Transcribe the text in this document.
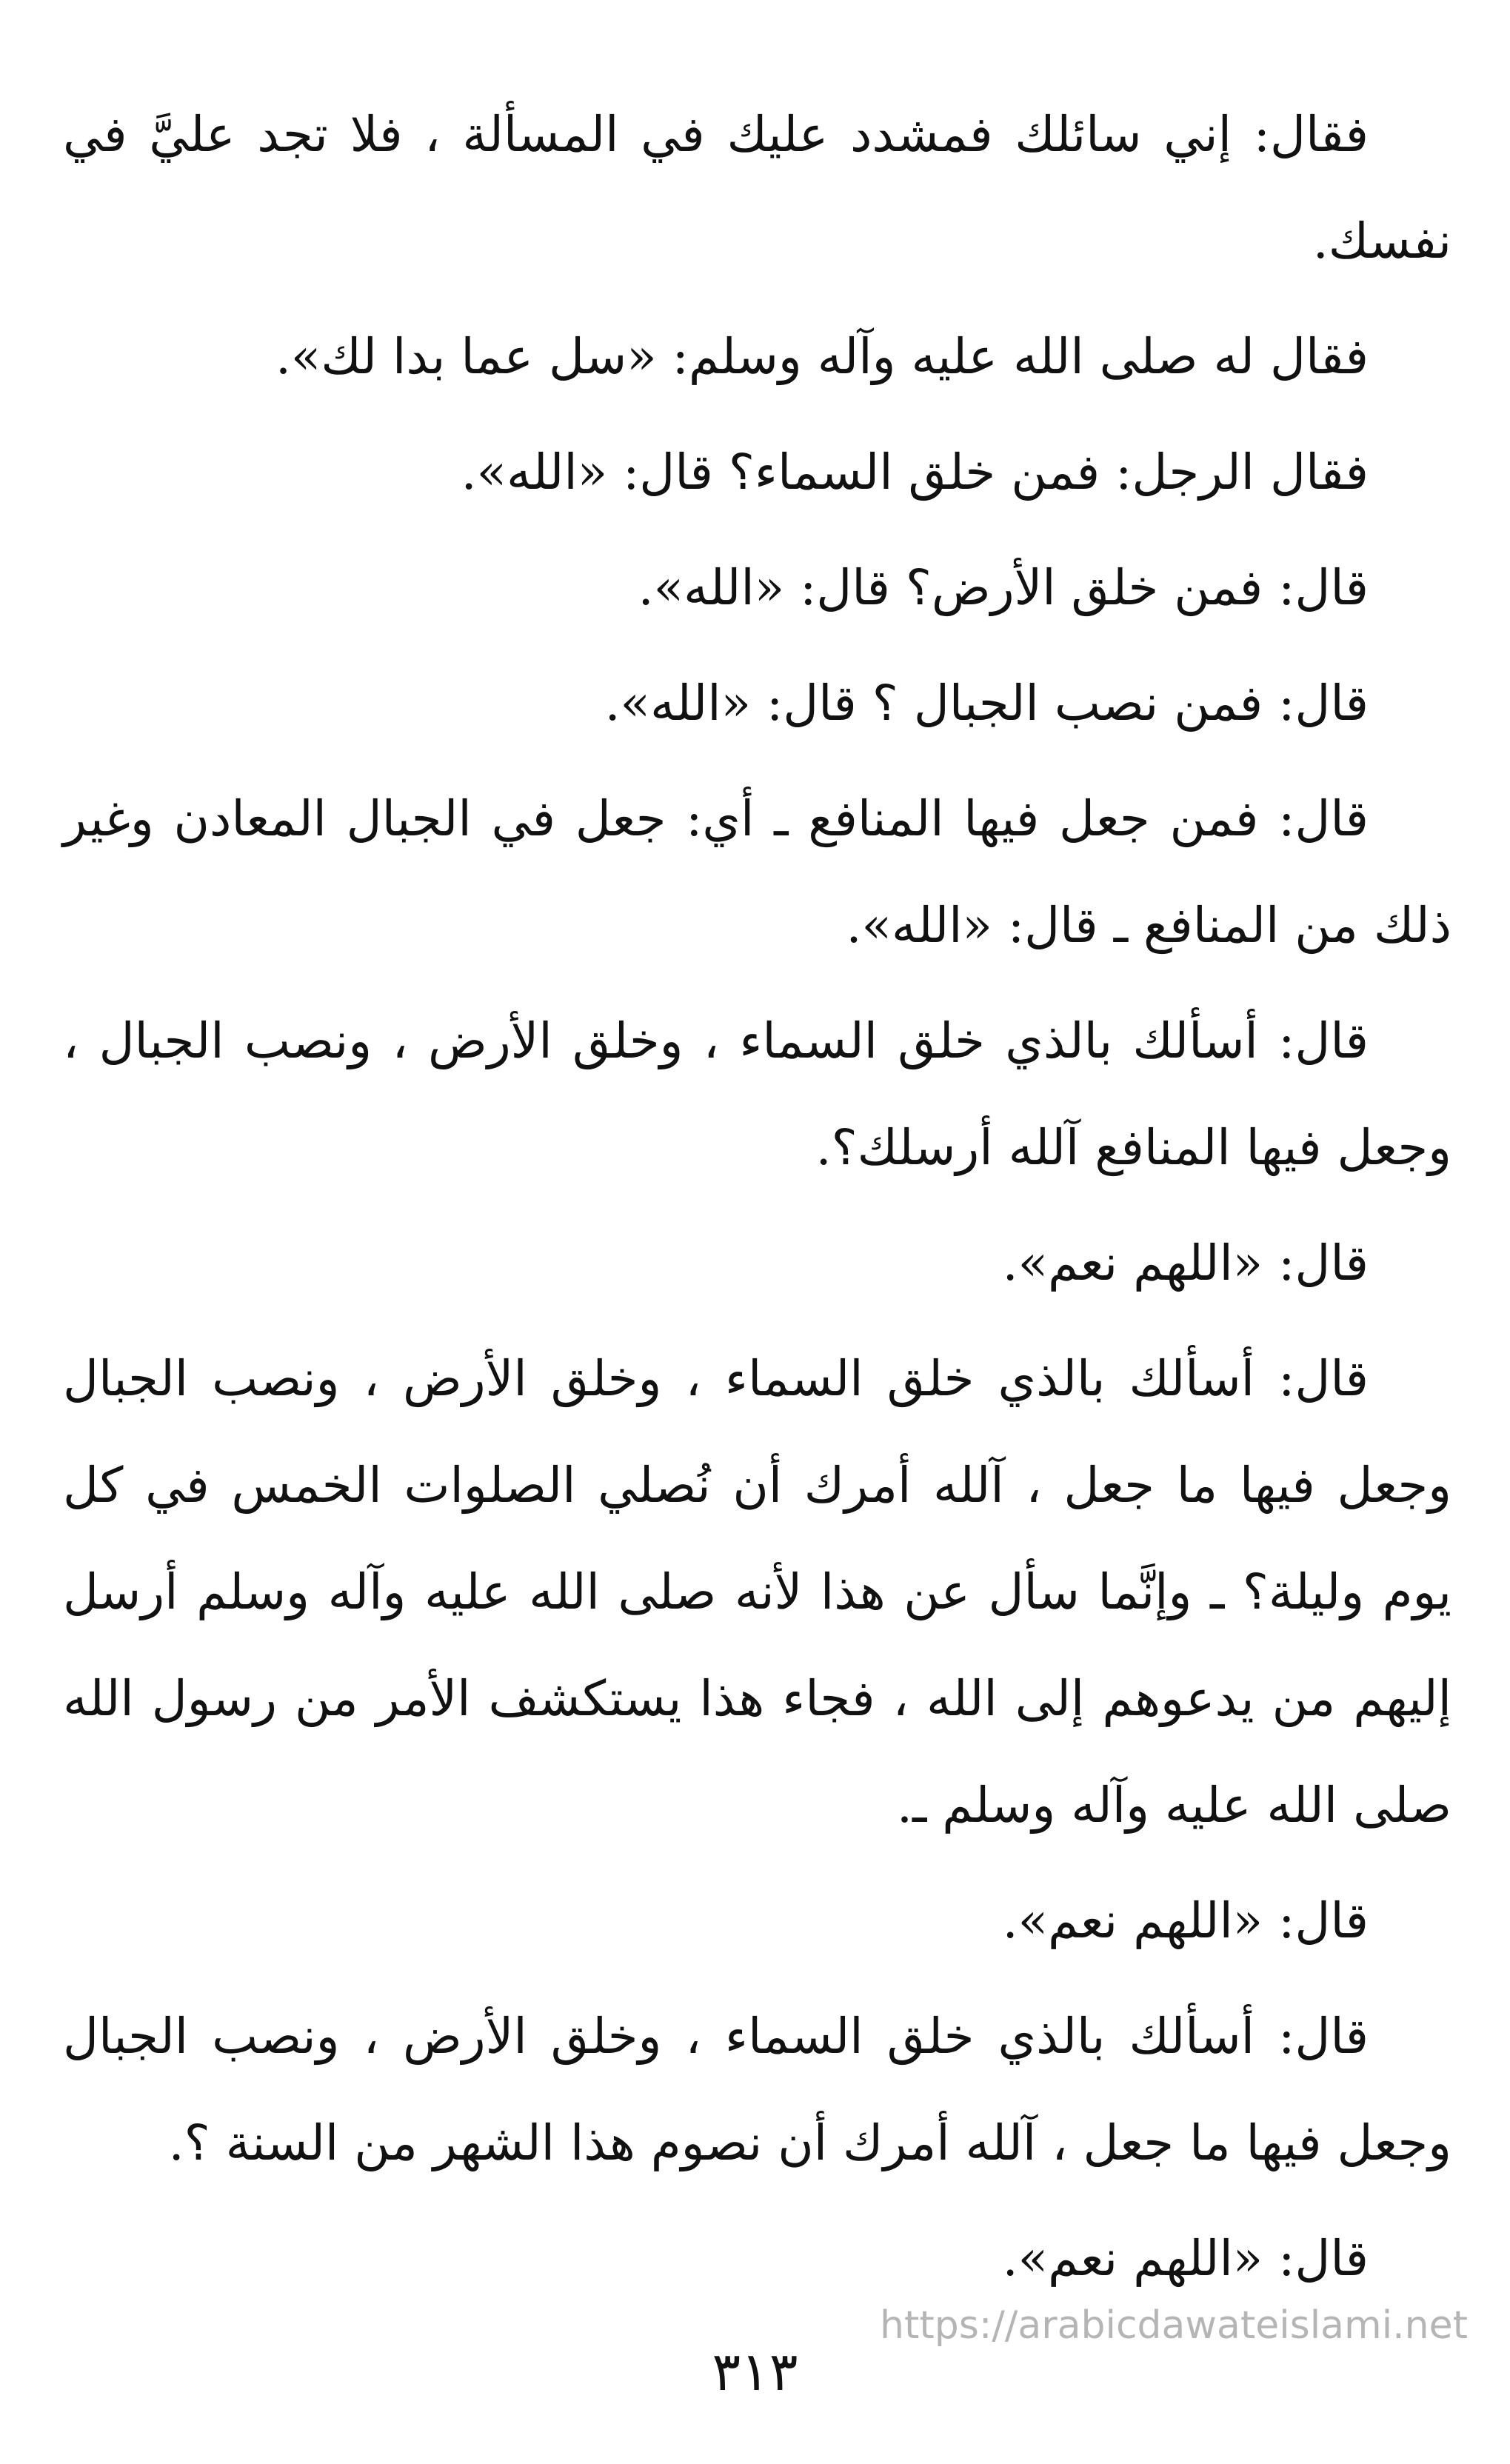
فقال: إني سائلك فمشدد عليك في المسألة ، فلا تجد عليَّ في نفسك.

فقال له صلى الله عليه وآله وسلم: «سل عما بدا لك».

فقال الرجل: فمن خلق السماء؟ قال: «الله».

قال: فمن خلق الأرض؟ قال: «الله».

قال: فمن نصب الجبال ؟ قال: «الله».

قال: فمن جعل فيها المنافع ـ أي: جعل في الجبال المعادن وغير ذلك من المنافع ـ قال: «الله».

قال: أسألك بالذي خلق السماء ، وخلق الأرض ، ونصب الجبال ، وجعل فيها المنافع آلله أرسلك؟.

قال: «اللهم نعم».

قال: أسألك بالذي خلق السماء ، وخلق الأرض ، ونصب الجبال وجعل فيها ما جعل ، آلله أمرك أن نُصلي الصلوات الخمس في كل يوم وليلة؟ ـ وإنَّما سأل عن هذا لأنه صلى الله عليه وآله وسلم أرسل إليهم من يدعوهم إلى الله ، فجاء هذا يستكشف الأمر من رسول الله صلى الله عليه وآله وسلم ـ.

قال: «اللهم نعم».

قال: أسألك بالذي خلق السماء ، وخلق الأرض ، ونصب الجبال وجعل فيها ما جعل ، آلله أمرك أن نصوم هذا الشهر من السنة ؟.

قال: «اللهم نعم».

https://arabicdawateislami.net
٣١٣
